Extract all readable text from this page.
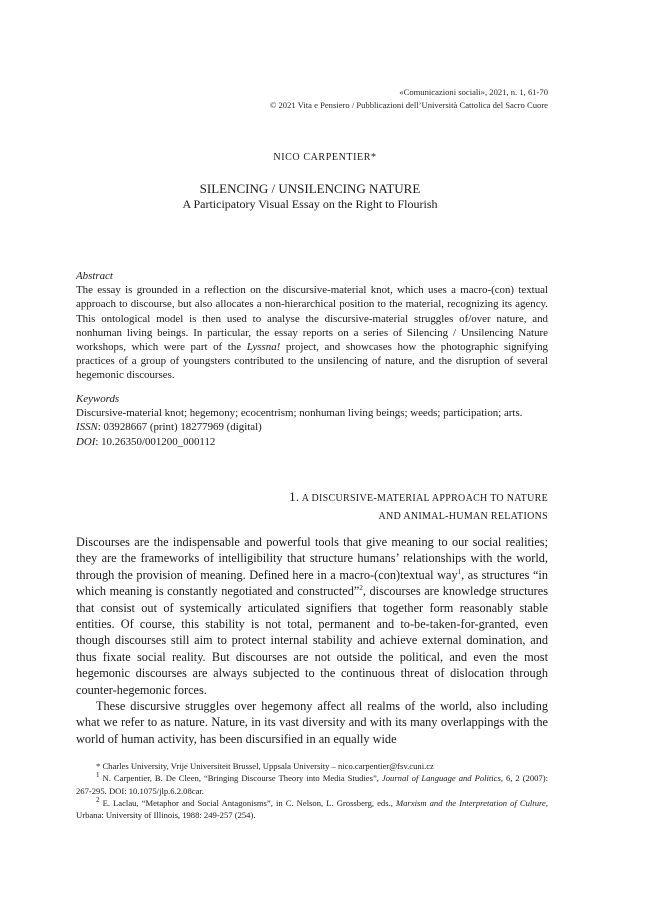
«Comunicazioni sociali», 2021, n. 1, 61-70
© 2021 Vita e Pensiero / Pubblicazioni dell’Università Cattolica del Sacro Cuore
NICO CARPENTIER*
SILENCING / UNSILENCING NATURE
A Participatory Visual Essay on the Right to Flourish
Abstract

The essay is grounded in a reflection on the discursive-material knot, which uses a macro-(con) textual approach to discourse, but also allocates a non-hierarchical position to the material, recognizing its agency. This ontological model is then used to analyse the discursive-material struggles of/over nature, and nonhuman living beings. In particular, the essay reports on a series of Silencing / Unsilencing Nature workshops, which were part of the Lyssna! project, and showcases how the photographic signifying practices of a group of youngsters contributed to the unsilencing of nature, and the disruption of several hegemonic discourses.

Keywords

Discursive-material knot; hegemony; ecocentrism; nonhuman living beings; weeds; participation; arts.

ISSN: 03928667 (print) 18277969 (digital)

DOI: 10.26350/001200_000112

1. A DISCURSIVE-MATERIAL APPROACH TO NATURE
AND ANIMAL-HUMAN RELATIONS

Discourses are the indispensable and powerful tools that give meaning to our social realities; they are the frameworks of intelligibility that structure humans’ relationships with the world, through the provision of meaning. Defined here in a macro-(con)textual way$^1$, as structures “in which meaning is constantly negotiated and constructed”$^2$, discourses are knowledge structures that consist out of systemically articulated signifiers that together form reasonably stable entities. Of course, this stability is not total, permanent and to-be-taken-for-granted, even though discourses still aim to protect internal stability and achieve external domination, and thus fixate social reality. But discourses are not outside the political, and even the most hegemonic discourses are always subjected to the continuous threat of dislocation through counter-hegemonic forces.

These discursive struggles over hegemony affect all realms of the world, also including what we refer to as nature. Nature, in its vast diversity and with its many overlappings with the world of human activity, has been discursified in an equally wide

* Charles University, Vrije Universiteit Brussel, Uppsala University – nico.carpentier@fsv.cuni.cz

$^1$ N. Carpentier, B. De Cleen, “Bringing Discourse Theory into Media Studies”, Journal of Language and Politics, 6, 2 (2007): 267-295. DOI: 10.1075/jlp.6.2.08car.

$^2$ E. Laclau, “Metaphor and Social Antagonisms”, in C. Nelson, L. Grossberg, eds., Marxism and the Interpretation of Culture, Urbana: University of Illinois, 1988: 249-257 (254).
